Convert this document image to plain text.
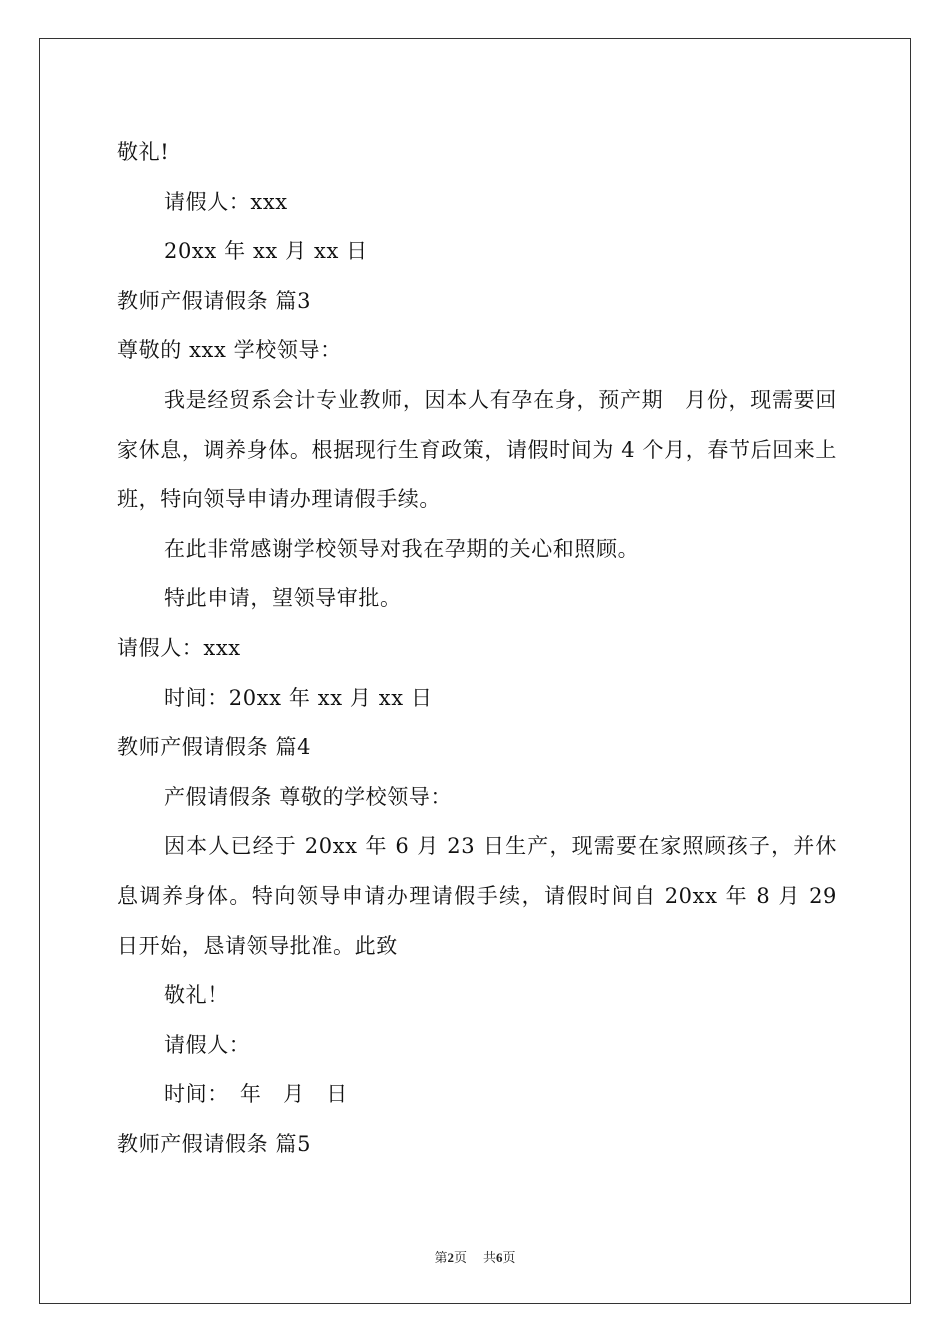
敬礼!
请假人：xxx
20xx 年 xx 月 xx 日
教师产假请假条 篇3
尊敬的 xxx 学校领导：
我是经贸系会计专业教师，因本人有孕在身，预产期　月份，现需要回家休息，调养身体。根据现行生育政策，请假时间为 4 个月，春节后回来上班，特向领导申请办理请假手续。
在此非常感谢学校领导对我在孕期的关心和照顾。
特此申请，望领导审批。
请假人：xxx
时间：20xx 年 xx 月 xx 日
教师产假请假条 篇4
产假请假条 尊敬的学校领导：
因本人已经于 20xx 年 6 月 23 日生产，现需要在家照顾孩子，并休息调养身体。特向领导申请办理请假手续，请假时间自 20xx 年 8 月 29 日开始，恳请领导批准。此致
敬礼！
请假人：
时间：　年　月　日
教师产假请假条 篇5
第2页 共6页
